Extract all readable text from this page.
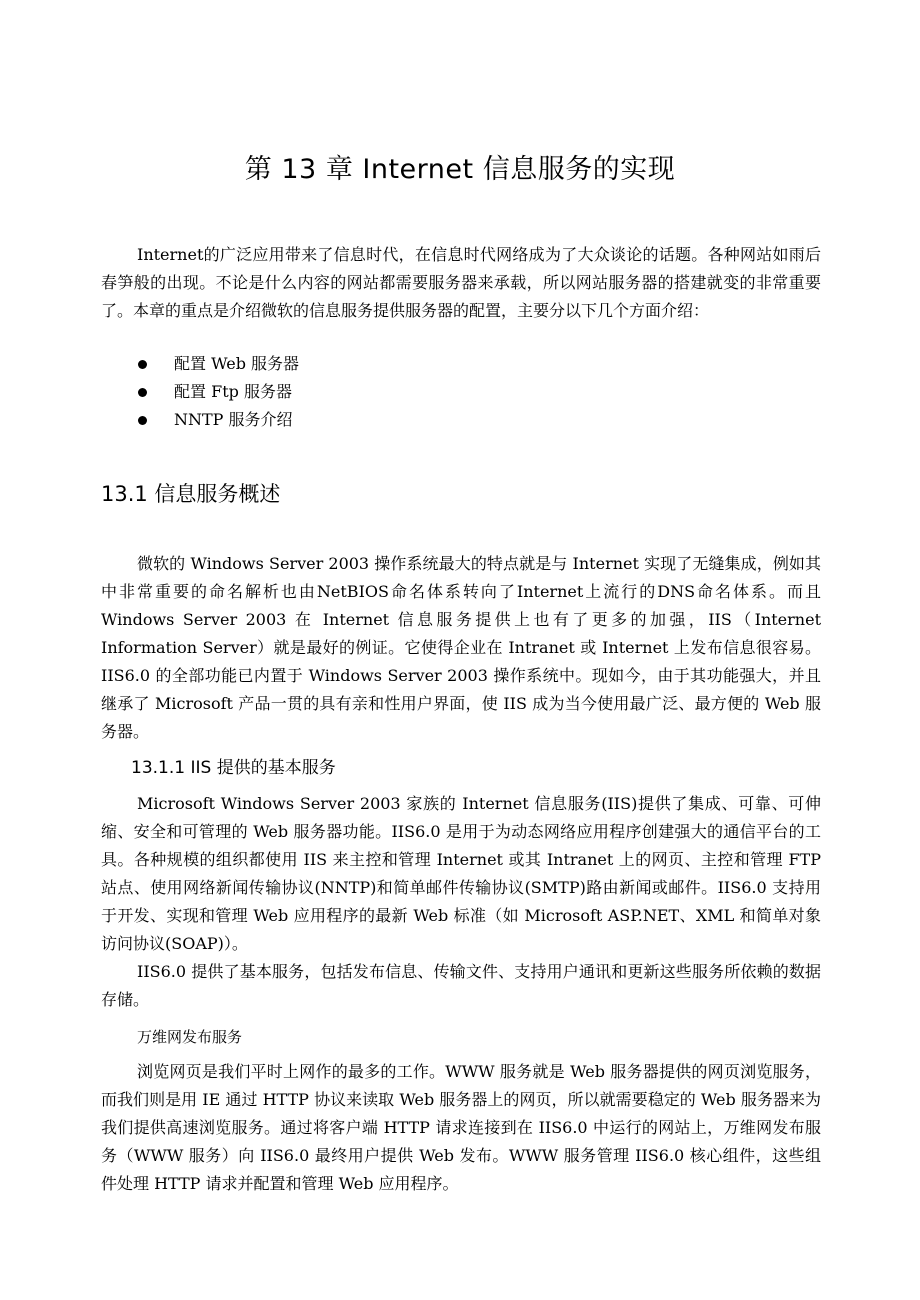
第 13 章 Internet 信息服务的实现

Internet的广泛应用带来了信息时代，在信息时代网络成为了大众谈论的话题。各种网站如雨后春笋般的出现。不论是什么内容的网站都需要服务器来承载，所以网站服务器的搭建就变的非常重要了。本章的重点是介绍微软的信息服务提供服务器的配置，主要分以下几个方面介绍：

配置 Web 服务器
配置 Ftp 服务器
NNTP 服务介绍
13.1 信息服务概述

微软的 Windows Server 2003 操作系统最大的特点就是与 Internet 实现了无缝集成，例如其中非常重要的命名解析也由NetBIOS命名体系转向了Internet上流行的DNS命名体系。而且 Windows Server 2003 在 Internet 信息服务提供上也有了更多的加强，IIS（Internet Information Server）就是最好的例证。它使得企业在 Intranet 或 Internet 上发布信息很容易。IIS6.0 的全部功能已内置于 Windows Server 2003 操作系统中。现如今，由于其功能强大，并且继承了 Microsoft 产品一贯的具有亲和性用户界面，使 IIS 成为当今使用最广泛、最方便的 Web 服务器。

13.1.1 IIS 提供的基本服务

Microsoft Windows Server 2003 家族的 Internet 信息服务(IIS)提供了集成、可靠、可伸缩、安全和可管理的 Web 服务器功能。IIS6.0 是用于为动态网络应用程序创建强大的通信平台的工具。各种规模的组织都使用 IIS 来主控和管理 Internet 或其 Intranet 上的网页、主控和管理 FTP 站点、使用网络新闻传输协议(NNTP)和简单邮件传输协议(SMTP)路由新闻或邮件。IIS6.0 支持用于开发、实现和管理 Web 应用程序的最新 Web 标准（如 Microsoft ASP.NET、XML 和简单对象访问协议(SOAP)）。

IIS6.0 提供了基本服务，包括发布信息、传输文件、支持用户通讯和更新这些服务所依赖的数据存储。

万维网发布服务

浏览网页是我们平时上网作的最多的工作。WWW 服务就是 Web 服务器提供的网页浏览服务，而我们则是用 IE 通过 HTTP 协议来读取 Web 服务器上的网页，所以就需要稳定的 Web 服务器来为我们提供高速浏览服务。通过将客户端 HTTP 请求连接到在 IIS6.0 中运行的网站上，万维网发布服务（WWW 服务）向 IIS6.0 最终用户提供 Web 发布。WWW 服务管理 IIS6.0 核心组件，这些组件处理 HTTP 请求并配置和管理 Web 应用程序。
